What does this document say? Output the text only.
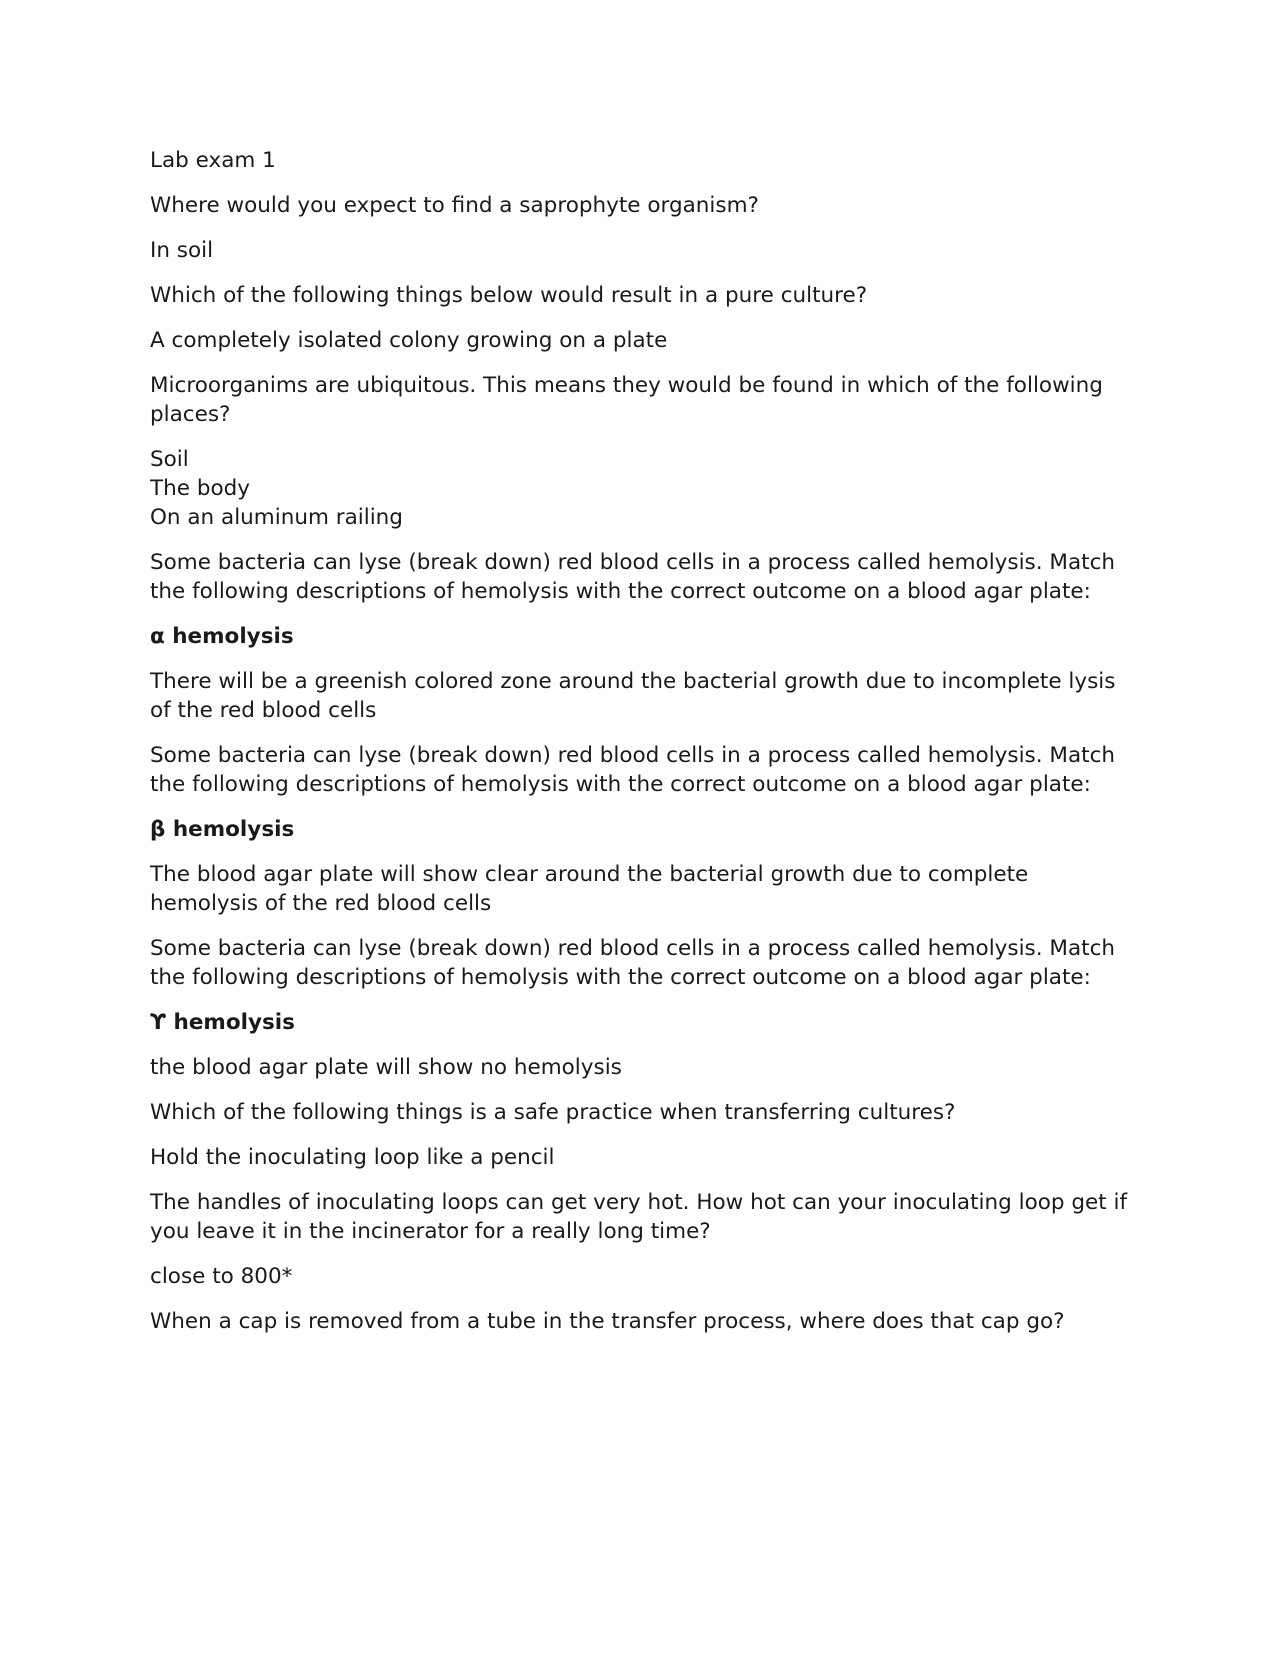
Lab exam 1

Where would you expect to find a saprophyte organism?

In soil

Which of the following things below would result in a pure culture?

A completely isolated colony growing on a plate

Microorganims are ubiquitous. This means they would be found in which of the following places?

Soil
The body
On an aluminum railing

Some bacteria can lyse (break down) red blood cells in a process called hemolysis. Match the following descriptions of hemolysis with the correct outcome on a blood agar plate:

α hemolysis

There will be a greenish colored zone around the bacterial growth due to incomplete lysis of the red blood cells

Some bacteria can lyse (break down) red blood cells in a process called hemolysis. Match the following descriptions of hemolysis with the correct outcome on a blood agar plate:

β hemolysis

The blood agar plate will show clear around the bacterial growth due to complete hemolysis of the red blood cells

Some bacteria can lyse (break down) red blood cells in a process called hemolysis. Match the following descriptions of hemolysis with the correct outcome on a blood agar plate:

ϒ hemolysis

the blood agar plate will show no hemolysis

Which of the following things is a safe practice when transferring cultures?

Hold the inoculating loop like a pencil

The handles of inoculating loops can get very hot. How hot can your inoculating loop get if you leave it in the incinerator for a really long time?

close to 800*

When a cap is removed from a tube in the transfer process, where does that cap go?
